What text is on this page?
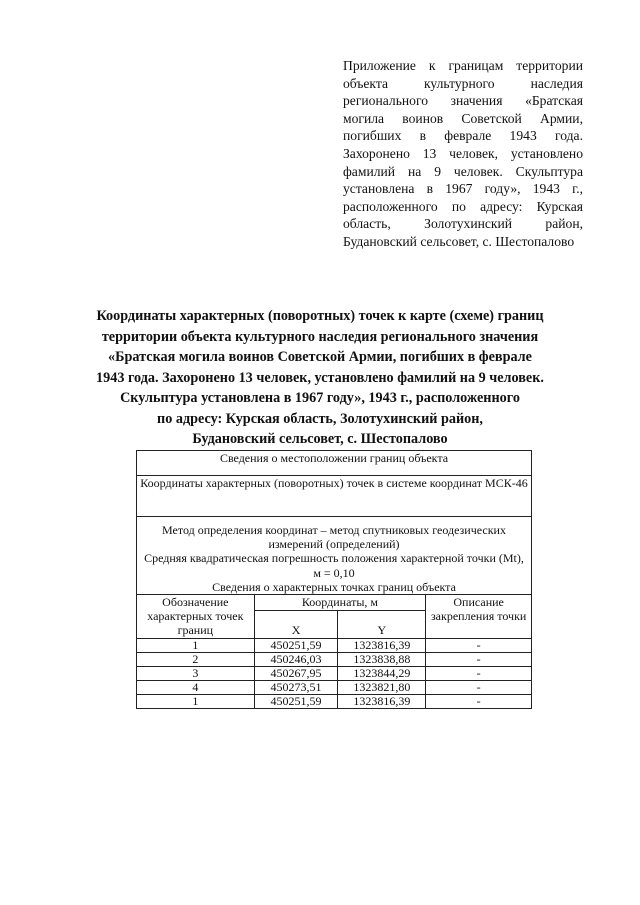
Приложение к границам территории объекта культурного наследия регионального значения «Братская могила воинов Советской Армии, погибших в феврале 1943 года. Захоронено 13 человек, установлено фамилий на 9 человек. Скульптура установлена в 1967 году», 1943 г., расположенного по адресу: Курская область, Золотухинский район, Будановский сельсовет, с. Шестопалово
Координаты характерных (поворотных) точек к карте (схеме) границ
территории объекта культурного наследия регионального значения
«Братская могила воинов Советской Армии, погибших в феврале
1943 года. Захоронено 13 человек, установлено фамилий на 9 человек.
Скульптура установлена в 1967 году», 1943 г., расположенного
по адресу: Курская область, Золотухинский район,
Будановский сельсовет, с. Шестопалово
Сведения о местоположении границ объекта			
Координаты характерных (поворотных) точек в системе координат МСК-46			

Метод определения координат – метод спутниковых геодезических измерений (определений)
Средняя квадратическая погрешность положения характерной точки (Mt), м = 0,10
Сведения о характерных точках границ объекта			

Обозначение характерных точек границ	Координаты, м		Описание закрепления точки
	X	Y	
1	450251,59	1323816,39	-
2	450246,03	1323838,88	-
3	450267,95	1323844,29	-
4	450273,51	1323821,80	-
1	450251,59	1323816,39	-
